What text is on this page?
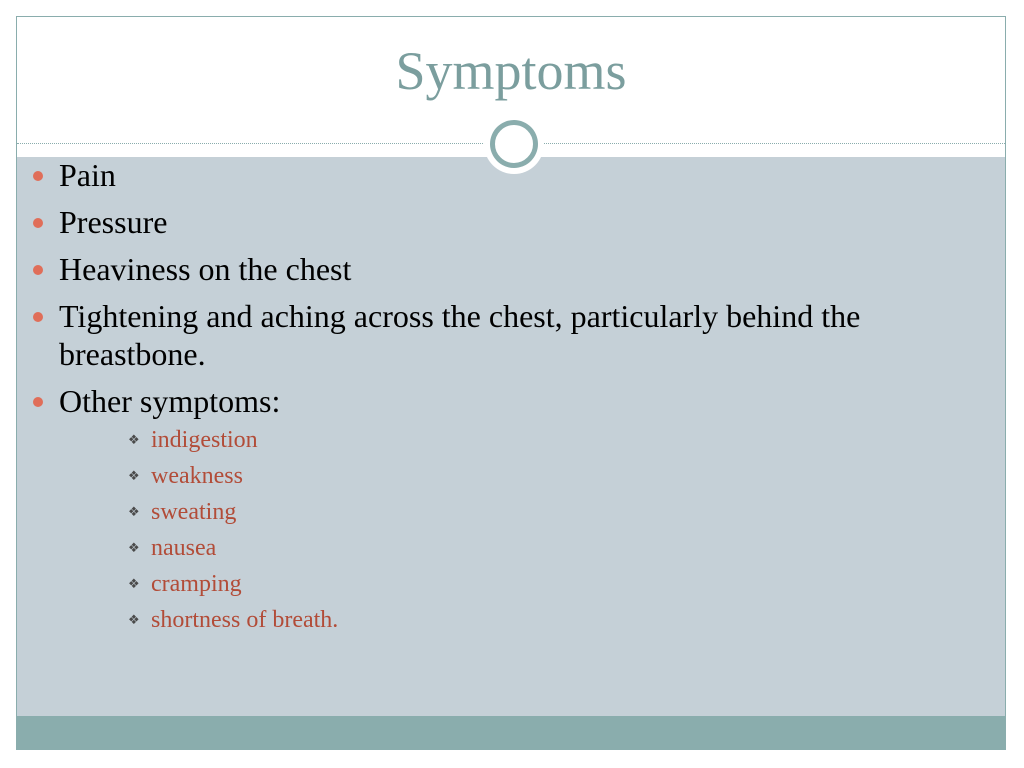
Symptoms
Pain
Pressure
Heaviness on the chest
Tightening and aching across the chest, particularly behind the breastbone.
Other symptoms:
❖ indigestion
❖ weakness
❖ sweating
❖ nausea
❖ cramping
❖ shortness of breath.
